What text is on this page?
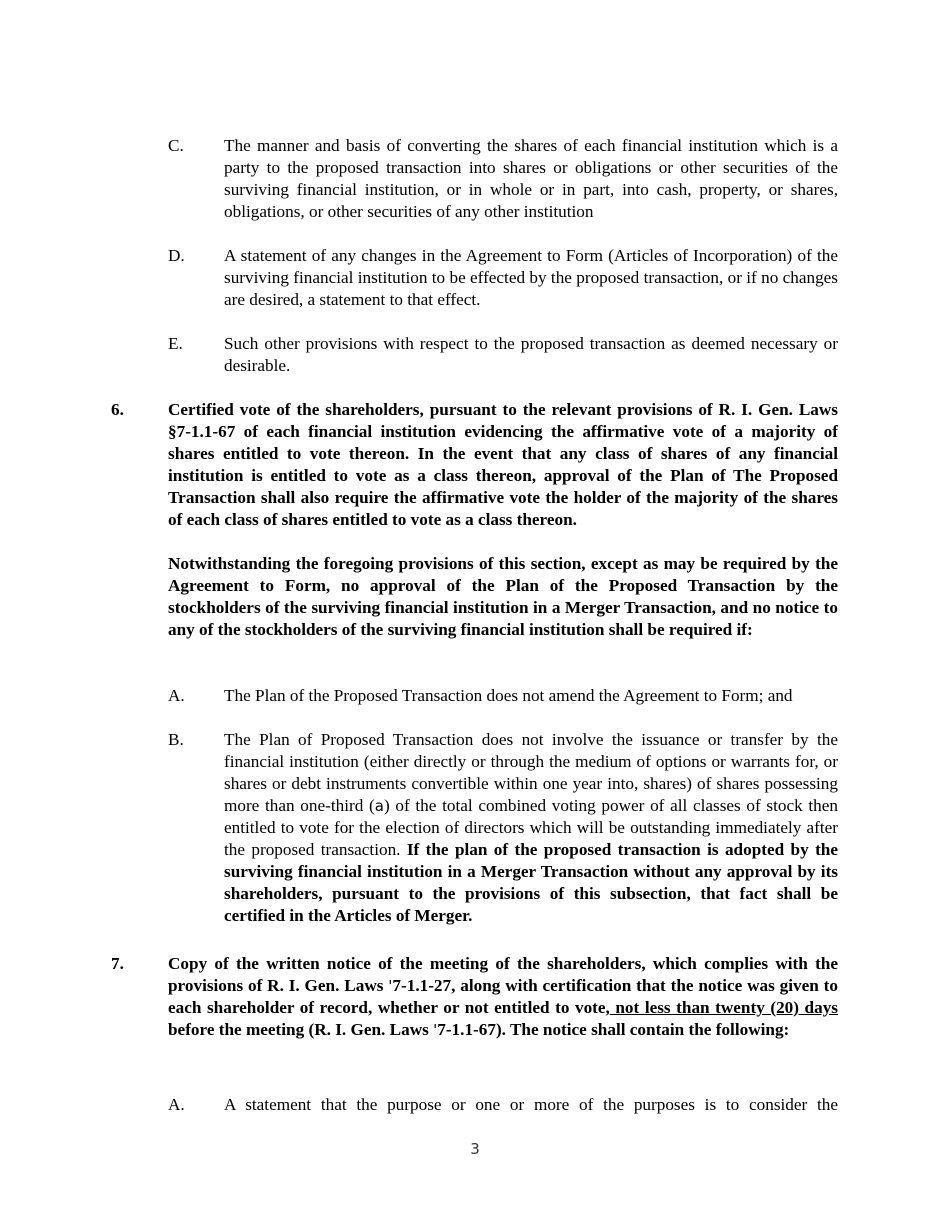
C. The manner and basis of converting the shares of each financial institution which is a party to the proposed transaction into shares or obligations or other securities of the surviving financial institution, or in whole or in part, into cash, property, or shares, obligations, or other securities of any other institution

D. A statement of any changes in the Agreement to Form (Articles of Incorporation) of the surviving financial institution to be effected by the proposed transaction, or if no changes are desired, a statement to that effect.

E. Such other provisions with respect to the proposed transaction as deemed necessary or desirable.

6.	Certified vote of the shareholders, pursuant to the relevant provisions of R. I. Gen. Laws §7-1.1-67 of each financial institution evidencing the affirmative vote of a majority of shares entitled to vote thereon. In the event that any class of shares of any financial institution is entitled to vote as a class thereon, approval of the Plan of The Proposed Transaction shall also require the affirmative vote the holder of the majority of the shares of each class of shares entitled to vote as a class thereon.

Notwithstanding the foregoing provisions of this section, except as may be required by the Agreement to Form, no approval of the Plan of the Proposed Transaction by the stockholders of the surviving financial institution in a Merger Transaction, and no notice to any of the stockholders of the surviving financial institution shall be required if:

A. The Plan of the Proposed Transaction does not amend the Agreement to Form; and

B. The Plan of Proposed Transaction does not involve the issuance or transfer by the financial institution (either directly or through the medium of options or warrants for, or shares or debt instruments convertible within one year into, shares) of shares possessing more than one-third (a) of the total combined voting power of all classes of stock then entitled to vote for the election of directors which will be outstanding immediately after the proposed transaction. If the plan of the proposed transaction is adopted by the surviving financial institution in a Merger Transaction without any approval by its shareholders, pursuant to the provisions of this subsection, that fact shall be certified in the Articles of Merger.

7.	Copy of the written notice of the meeting of the shareholders, which complies with the provisions of R. I. Gen. Laws '7-1.1-27, along with certification that the notice was given to each shareholder of record, whether or not entitled to vote, not less than twenty (20) days before the meeting (R. I. Gen. Laws '7-1.1-67). The notice shall contain the following:

A. A statement that the purpose or one or more of the purposes is to consider the

3
